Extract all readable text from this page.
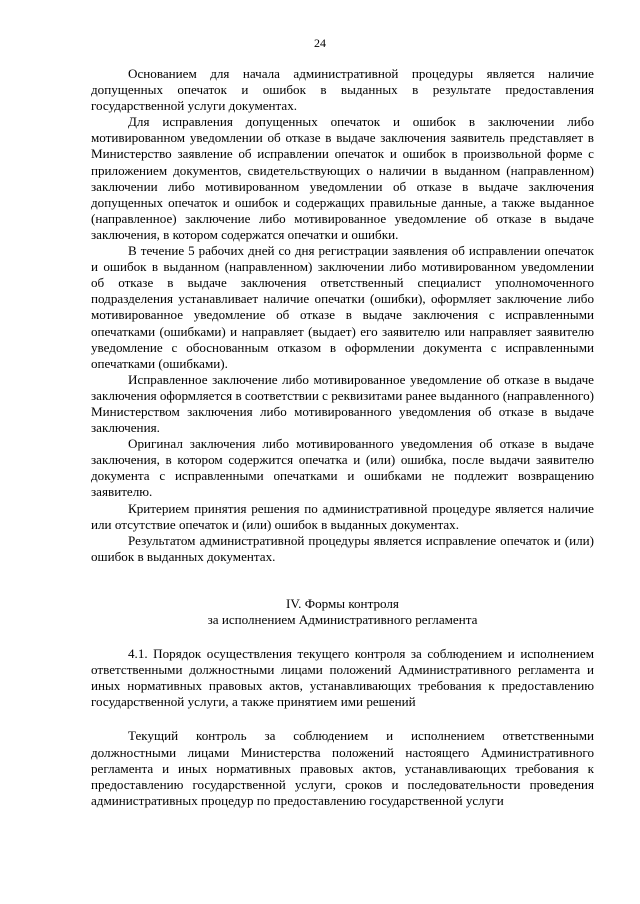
24

Основанием для начала административной процедуры является наличие допущенных опечаток и ошибок в выданных в результате предоставления государственной услуги документах.

Для исправления допущенных опечаток и ошибок в заключении либо мотивированном уведомлении об отказе в выдаче заключения заявитель представляет в Министерство заявление об исправлении опечаток и ошибок в произвольной форме с приложением документов, свидетельствующих о наличии в выданном (направленном) заключении либо мотивированном уведомлении об отказе в выдаче заключения допущенных опечаток и ошибок и содержащих правильные данные, а также выданное (направленное) заключение либо мотивированное уведомление об отказе в выдаче заключения, в котором содержатся опечатки и ошибки.

В течение 5 рабочих дней со дня регистрации заявления об исправлении опечаток и ошибок в выданном (направленном) заключении либо мотивированном уведомлении об отказе в выдаче заключения ответственный специалист уполномоченного подразделения устанавливает наличие опечатки (ошибки), оформляет заключение либо мотивированное уведомление об отказе в выдаче заключения с исправленными опечатками (ошибками) и направляет (выдает) его заявителю или направляет заявителю уведомление с обоснованным отказом в оформлении документа с исправленными опечатками (ошибками).

Исправленное заключение либо мотивированное уведомление об отказе в выдаче заключения оформляется в соответствии с реквизитами ранее выданного (направленного) Министерством заключения либо мотивированного уведомления об отказе в выдаче заключения.

Оригинал заключения либо мотивированного уведомления об отказе в выдаче заключения, в котором содержится опечатка и (или) ошибка, после выдачи заявителю документа с исправленными опечатками и ошибками не подлежит возвращению заявителю.

Критерием принятия решения по административной процедуре является наличие или отсутствие опечаток и (или) ошибок в выданных документах.

Результатом административной процедуры является исправление опечаток и (или) ошибок в выданных документах.

IV. Формы контроля
за исполнением Административного регламента

4.1. Порядок осуществления текущего контроля за соблюдением и исполнением ответственными должностными лицами положений Административного регламента и иных нормативных правовых актов, устанавливающих требования к предоставлению государственной услуги, а также принятием ими решений

Текущий контроль за соблюдением и исполнением ответственными должностными лицами Министерства положений настоящего Административного регламента и иных нормативных правовых актов, устанавливающих требования к предоставлению государственной услуги, сроков и последовательности проведения административных процедур по предоставлению государственной услуги
